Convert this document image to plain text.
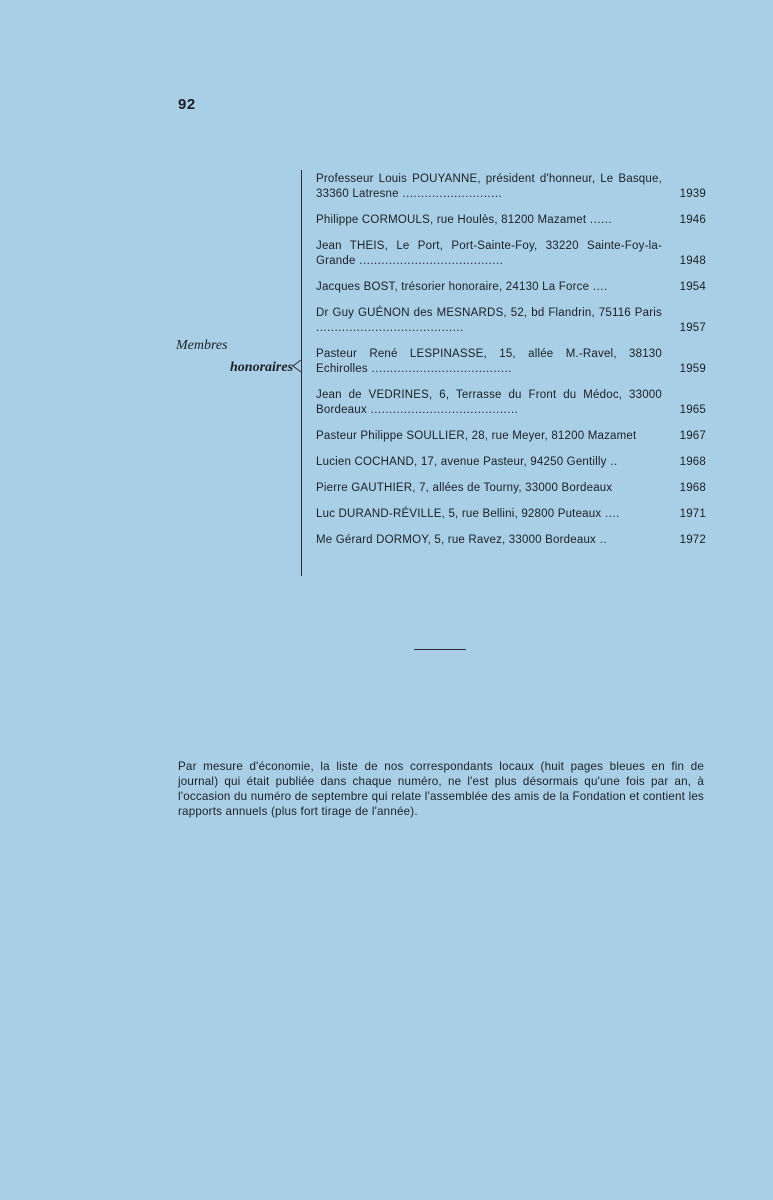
92
Membres
honoraires
Professeur Louis POUYANNE, président d'honneur, Le Basque, 33360 Latresne ...........................	1939
Philippe CORMOULS, rue Houlès, 81200 Mazamet ......	1946
Jean THEIS, Le Port, Port-Sainte-Foy, 33220 Sainte-Foy-la-Grande .......................................	1948
Jacques BOST, trésorier honoraire, 24130 La Force ....	1954
Dr Guy GUÉNON des MESNARDS, 52, bd Flandrin, 75116 Paris ........................................	1957
Pasteur René LESPINASSE, 15, allée M.-Ravel, 38130 Echirolles ......................................	1959
Jean de VEDRINES, 6, Terrasse du Front du Médoc, 33000 Bordeaux ........................................	1965
Pasteur Philippe SOULLIER, 28, rue Meyer, 81200 Mazamet	1967
Lucien COCHAND, 17, avenue Pasteur, 94250 Gentilly ..	1968
Pierre GAUTHIER, 7, allées de Tourny, 33000 Bordeaux	1968
Luc DURAND-RÉVILLE, 5, rue Bellini, 92800 Puteaux ....	1971
Me Gérard DORMOY, 5, rue Ravez, 33000 Bordeaux ..	1972

Par mesure d'économie, la liste de nos correspondants locaux (huit pages bleues en fin de journal) qui était publiée dans chaque numéro, ne l'est plus désormais qu'une fois par an, à l'occasion du numéro de septembre qui relate l'assemblée des amis de la Fondation et contient les rapports annuels (plus fort tirage de l'année).
